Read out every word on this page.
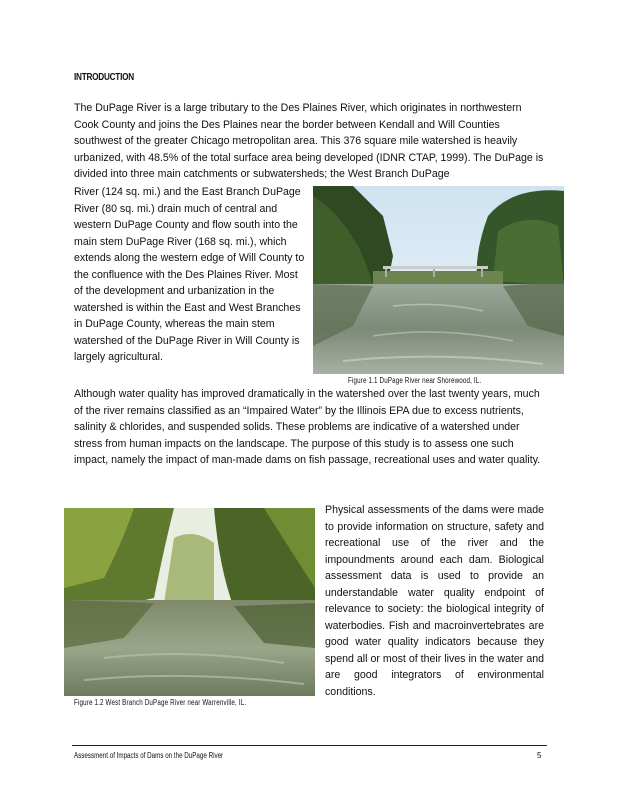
INTRODUCTION

The DuPage River is a large tributary to the Des Plaines River, which originates in northwestern Cook County and joins the Des Plaines near the border between Kendall and Will Counties southwest of the greater Chicago metropolitan area. This 376 square mile watershed is heavily urbanized, with 48.5% of the total surface area being developed (IDNR CTAP, 1999). The DuPage is divided into three main catchments or subwatersheds; the West Branch DuPage

River (124 sq. mi.) and the East Branch DuPage River (80 sq. mi.) drain much of central and western DuPage County and flow south into the main stem DuPage River (168 sq. mi.), which extends along the western edge of Will County to the confluence with the Des Plaines River. Most of the development and urbanization in the watershed is within the East and West Branches in DuPage County, whereas the main stem watershed of the DuPage River in Will County is largely agricultural.

Figure 1.1 DuPage River near Shorewood, IL.

Although water quality has improved dramatically in the watershed over the last twenty years, much of the river remains classified as an “Impaired Water” by the Illinois EPA due to excess nutrients, salinity & chlorides, and suspended solids. These problems are indicative of a watershed under stress from human impacts on the landscape. The purpose of this study is to assess one such impact, namely the impact of man-made dams on fish passage, recreational uses and water quality.

Figure 1.2 West Branch DuPage River near Warrenville, IL.

Physical assessments of the dams were made to provide information on structure, safety and recreational use of the river and the impoundments around each dam. Biological assessment data is used to provide an understandable water quality endpoint of relevance to society: the biological integrity of waterbodies. Fish and macroinvertebrates are good water quality indicators because they spend all or most of their lives in the water and are good integrators of environmental conditions.

Assessment of Impacts of Dams on the DuPage River	5
